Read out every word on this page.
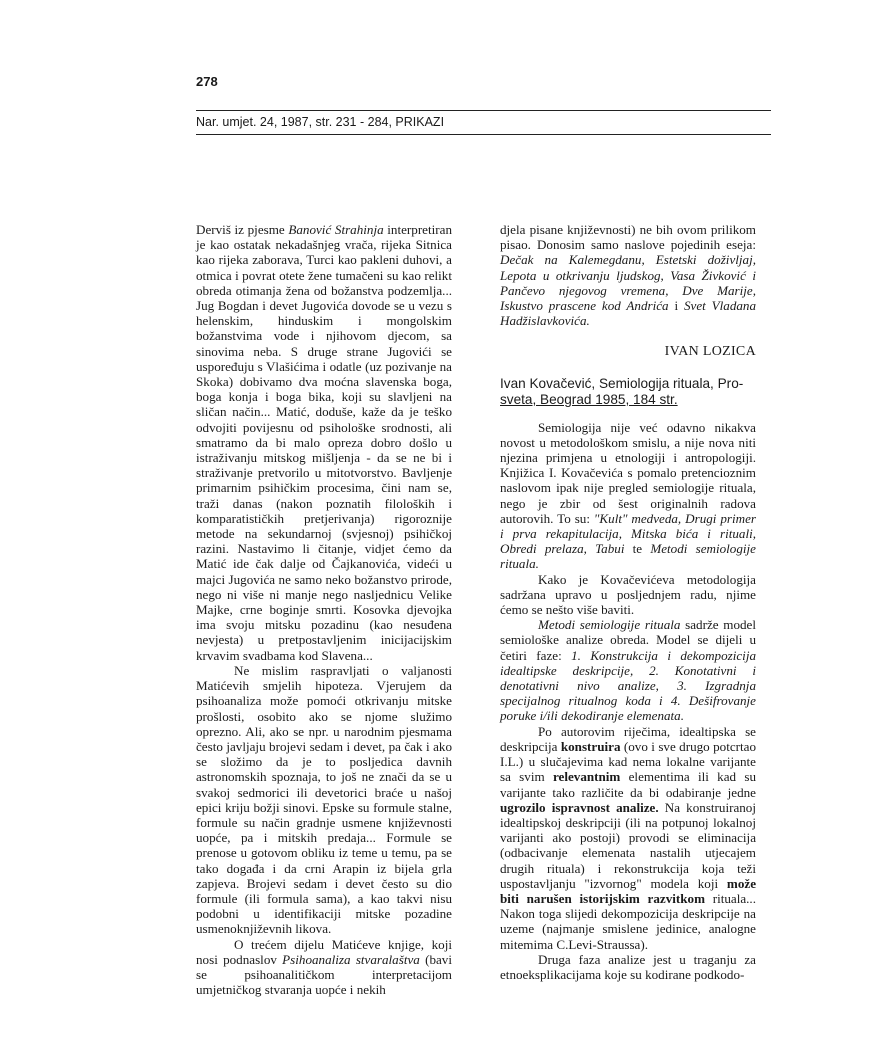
278
Nar. umjet. 24, 1987, str. 231 - 284, PRIKAZI

Derviš iz pjesme Banović Strahinja interpretiran je kao ostatak nekadašnjeg vrača, rijeka Sitnica kao rijeka zaborava, Turci kao pakleni duhovi, a otmica i povrat otete žene tumačeni su kao relikt obreda otimanja žena od božanstva podzemlja... Jug Bogdan i devet Jugovića dovode se u vezu s helenskim, hinduskim i mongolskim božanstvima vode i njihovom djecom, sa sinovima neba. S druge strane Jugovići se uspoređuju s Vlašićima i odatle (uz pozivanje na Skoka) dobivamo dva moćna slavenska boga, boga konja i boga bika, koji su slavljeni na sličan način... Matić, doduše, kaže da je teško odvojiti povijesnu od psihološke srodnosti, ali smatramo da bi malo opreza dobro došlo u istraživanju mitskog mišljenja - da se ne bi i straživanje pretvorilo u mitotvorstvo. Bavljenje primarnim psihičkim procesima, čini nam se, traži danas (nakon poznatih filoloških i komparatističkih pretjerivanja) rigoroznije metode na sekundarnoj (svjesnoj) psihičkoj razini. Nastavimo li čitanje, vidjet ćemo da Matić ide čak dalje od Čajkanovića, videći u majci Jugovića ne samo neko božanstvo prirode, nego ni više ni manje nego nasljednicu Velike Majke, crne boginje smrti. Kosovka djevojka ima svoju mitsku pozadinu (kao nesuđena nevjesta) u pretpostavljenim inicijacijskim krvavim svadbama kod Slavena...

Ne mislim raspravljati o valjanosti Matićevih smjelih hipoteza. Vjerujem da psihoanaliza može pomoći otkrivanju mitske prošlosti, osobito ako se njome služimo oprezno. Ali, ako se npr. u narodnim pjesmama često javljaju brojevi sedam i devet, pa čak i ako se složimo da je to posljedica davnih astronomskih spoznaja, to još ne znači da se u svakoj sedmorici ili devetorici braće u našoj epici kriju božji sinovi. Epske su formule stalne, formule su način gradnje usmene književnosti uopće, pa i mitskih predaja... Formule se prenose u gotovom obliku iz teme u temu, pa se tako događa i da crni Arapin iz bijela grla zapjeva. Brojevi sedam i devet često su dio formule (ili formula sama), a kao takvi nisu podobni u identifikaciji mitske pozadine usmenoknjiževnih likova.

O trećem dijelu Matićeve knjige, koji nosi podnaslov Psihoanaliza stvaralaštva (bavi se psihoanalitičkom interpretacijom umjetničkog stvaranja uopće i nekih

djela pisane književnosti) ne bih ovom prilikom pisao. Donosim samo naslove pojedinih eseja: Dečak na Kalemegdanu, Estetski doživljaj, Lepota u otkrivanju ljudskog, Vasa Živković i Pančevo njegovog vremena, Dve Marije, Iskustvo prascene kod Andrića i Svet Vladana Hadžislavkovića.

IVAN LOZICA
Ivan Kovačević, Semiologija rituala, Pro-
sveta, Beograd 1985, 184 str.

Semiologija nije već odavno nikakva novost u metodološkom smislu, a nije nova niti njezina primjena u etnologiji i antropologiji. Knjižica I. Kovačevića s pomalo pretencioznim naslovom ipak nije pregled semiologije rituala, nego je zbir od šest originalnih radova autorovih. To su: "Kult" medveda, Drugi primer i prva rekapitulacija, Mitska bića i rituali, Obredi prelaza, Tabui te Metodi semiologije rituala.

Kako je Kovačevićeva metodologija sadržana upravo u posljednjem radu, njime ćemo se nešto više baviti.

Metodi semiologije rituala sadrže model semiološke analize obreda. Model se dijeli u četiri faze: 1. Konstrukcija i dekompozicija idealtipske deskripcije, 2. Konotativni i denotativni nivo analize, 3. Izgradnja specijalnog ritualnog koda i 4. Dešifrovanje poruke i/ili dekodiranje elemenata.

Po autorovim riječima, idealtipska se deskripcija konstruira (ovo i sve drugo potcrtao I.L.) u slučajevima kad nema lokalne varijante sa svim relevantnim elementima ili kad su varijante tako različite da bi odabiranje jedne ugrozilo ispravnost analize. Na konstruiranoj idealtipskoj deskripciji (ili na potpunoj lokalnoj varijanti ako postoji) provodi se eliminacija (odbacivanje elemenata nastalih utjecajem drugih rituala) i rekonstrukcija koja teži uspostavljanju "izvornog" modela koji može biti narušen istorijskim razvitkom rituala... Nakon toga slijedi dekompozicija deskripcije na uzeme (najmanje smislene jedinice, analogne mitemima C.Levi-Straussa).

Druga faza analize jest u traganju za etnoeksplikacijama koje su kodirane podkodo-
